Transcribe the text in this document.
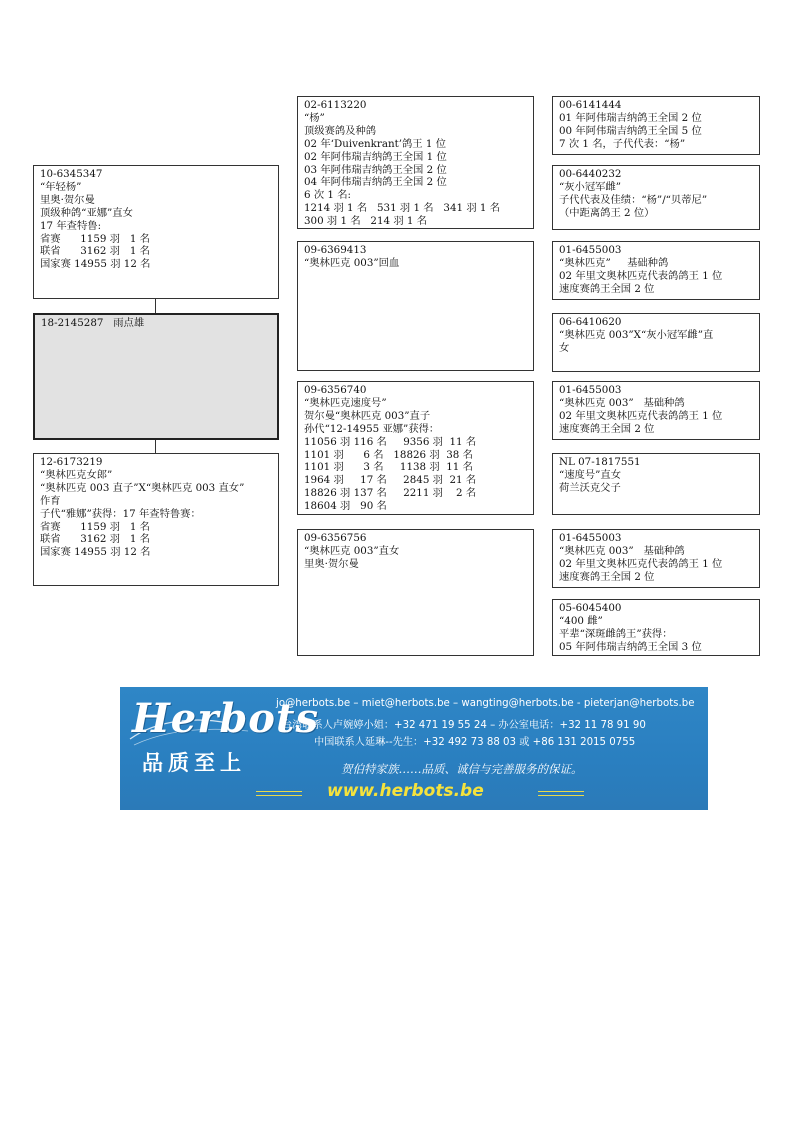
10-6345347
“年轻杨”
里奥·贺尔曼
顶级种鸽“亚娜”直女
17 年查特鲁:
省赛      1159 羽   1 名
联省      3162 羽   1 名
国家赛 14955 羽 12 名
18-2145287   雨点雄
12-6173219
“奥林匹克女郎”
“奥林匹克 003 直子”X“奥林匹克 003 直女”
作育
子代“雅娜”获得：17 年查特鲁赛：
省赛      1159 羽   1 名
联省      3162 羽   1 名
国家赛 14955 羽 12 名
02-6113220
“杨”
顶级赛鸽及种鸽
02 年‘Duivenkrant’鸽王 1 位
02 年阿伟瑞吉纳鸽王全国 1 位
03 年阿伟瑞吉纳鸽王全国 2 位
04 年阿伟瑞吉纳鸽王全国 2 位
6 次 1 名:
1214 羽 1 名   531 羽 1 名   341 羽 1 名
300 羽 1 名   214 羽 1 名
09-6369413
“奥林匹克 003”回血
09-6356740
“奥林匹克速度号”
贺尔曼“奥林匹克 003”直子
孙代“12-14955 亚娜”获得：
11056 羽 116 名     9356 羽  11 名
1101 羽      6 名   18826 羽  38 名
1101 羽      3 名     1138 羽  11 名
1964 羽     17 名     2845 羽  21 名
18826 羽 137 名     2211 羽    2 名
18604 羽   90 名
09-6356756
“奥林匹克 003”直女
里奥·贺尔曼
00-6141444
01 年阿伟瑞吉纳鸽王全国 2 位
00 年阿伟瑞吉纳鸽王全国 5 位
7 次 1 名，子代代表：“杨”
00-6440232
“灰小冠军雌”
子代代表及佳绩：“杨”/“贝蒂尼”
（中距离鸽王 2 位）
01-6455003
“奥林匹克”     基础种鸽
02 年里文奥林匹克代表鸽鸽王 1 位
速度赛鸽王全国 2 位
06-6410620
“奥林匹克 003”X“灰小冠军雌”直
女
01-6455003
“奥林匹克 003”   基础种鸽
02 年里文奥林匹克代表鸽鸽王 1 位
速度赛鸽王全国 2 位
NL 07-1817551
“速度号”直女
荷兰沃克父子
01-6455003
“奥林匹克 003”   基础种鸽
02 年里文奥林匹克代表鸽鸽王 1 位
速度赛鸽王全国 2 位
05-6045400
“400 雌”
平辈“深斑雌鸽王”获得：
05 年阿伟瑞吉纳鸽王全国 3 位
Herbots
品质至上
jo@herbots.be – miet@herbots.be – wangting@herbots.be - pieterjan@herbots.be
台湾联系人卢婉婷小姐：+32 471 19 55 24 – 办公室电话：+32 11 78 91 90
中国联系人延琳--先生：+32 492 73 88 03 或 +86 131 2015 0755
贺伯特家族……品质、诚信与完善服务的保证。
www.herbots.be
